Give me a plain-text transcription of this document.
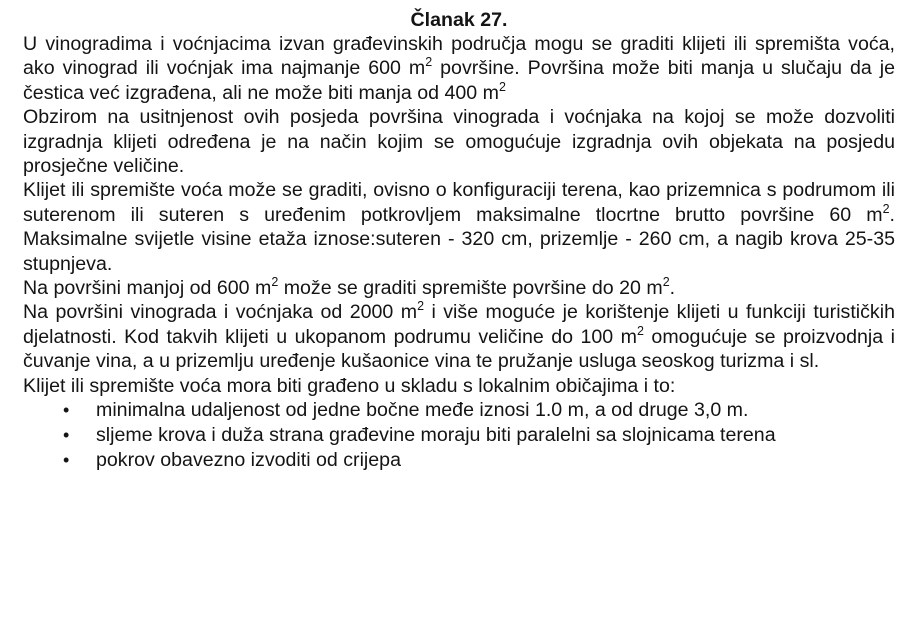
Članak 27.

U vinogradima i voćnjacima izvan građevinskih područja mogu se graditi klijeti ili spremišta voća, ako vinograd ili voćnjak ima najmanje 600 $m^2$ površine. Površina može biti manja u slučaju da je čestica već izgrađena, ali ne može biti manja od 400 $m^2$

Obzirom na usitnjenost ovih posjeda površina vinograda i voćnjaka na kojoj se može dozvoliti izgradnja klijeti određena je na način kojim se omogućuje izgradnja ovih objekata na posjedu prosječne veličine.

Klijet ili spremište voća može se graditi, ovisno o konfiguraciji terena, kao prizemnica s podrumom ili suterenom ili suteren s uređenim potkrovljem maksimalne tlocrtne brutto površine 60 $m^2$. Maksimalne svijetle visine etaža iznose:suteren - 320 cm, prizemlje - 260 cm, a nagib krova 25-35 stupnjeva.

Na površini manjoj od 600 $m^2$ može se graditi spremište površine do 20 $m^2$.

Na površini vinograda i voćnjaka od 2000 $m^2$ i više moguće je korištenje klijeti u funkciji turističkih djelatnosti. Kod takvih klijeti u ukopanom podrumu veličine do 100 $m^2$ omogućuje se proizvodnja i čuvanje vina, a u prizemlju uređenje kušaonice vina te pružanje usluga seoskog turizma i sl.

Klijet ili spremište voća mora biti građeno u skladu s lokalnim običajima i to:

• minimalna udaljenost od jedne bočne međe iznosi 1.0 m, a od druge 3,0 m.
• sljeme krova i duža strana građevine moraju biti paralelni sa slojnicama terena
• pokrov obavezno izvoditi od crijepa
